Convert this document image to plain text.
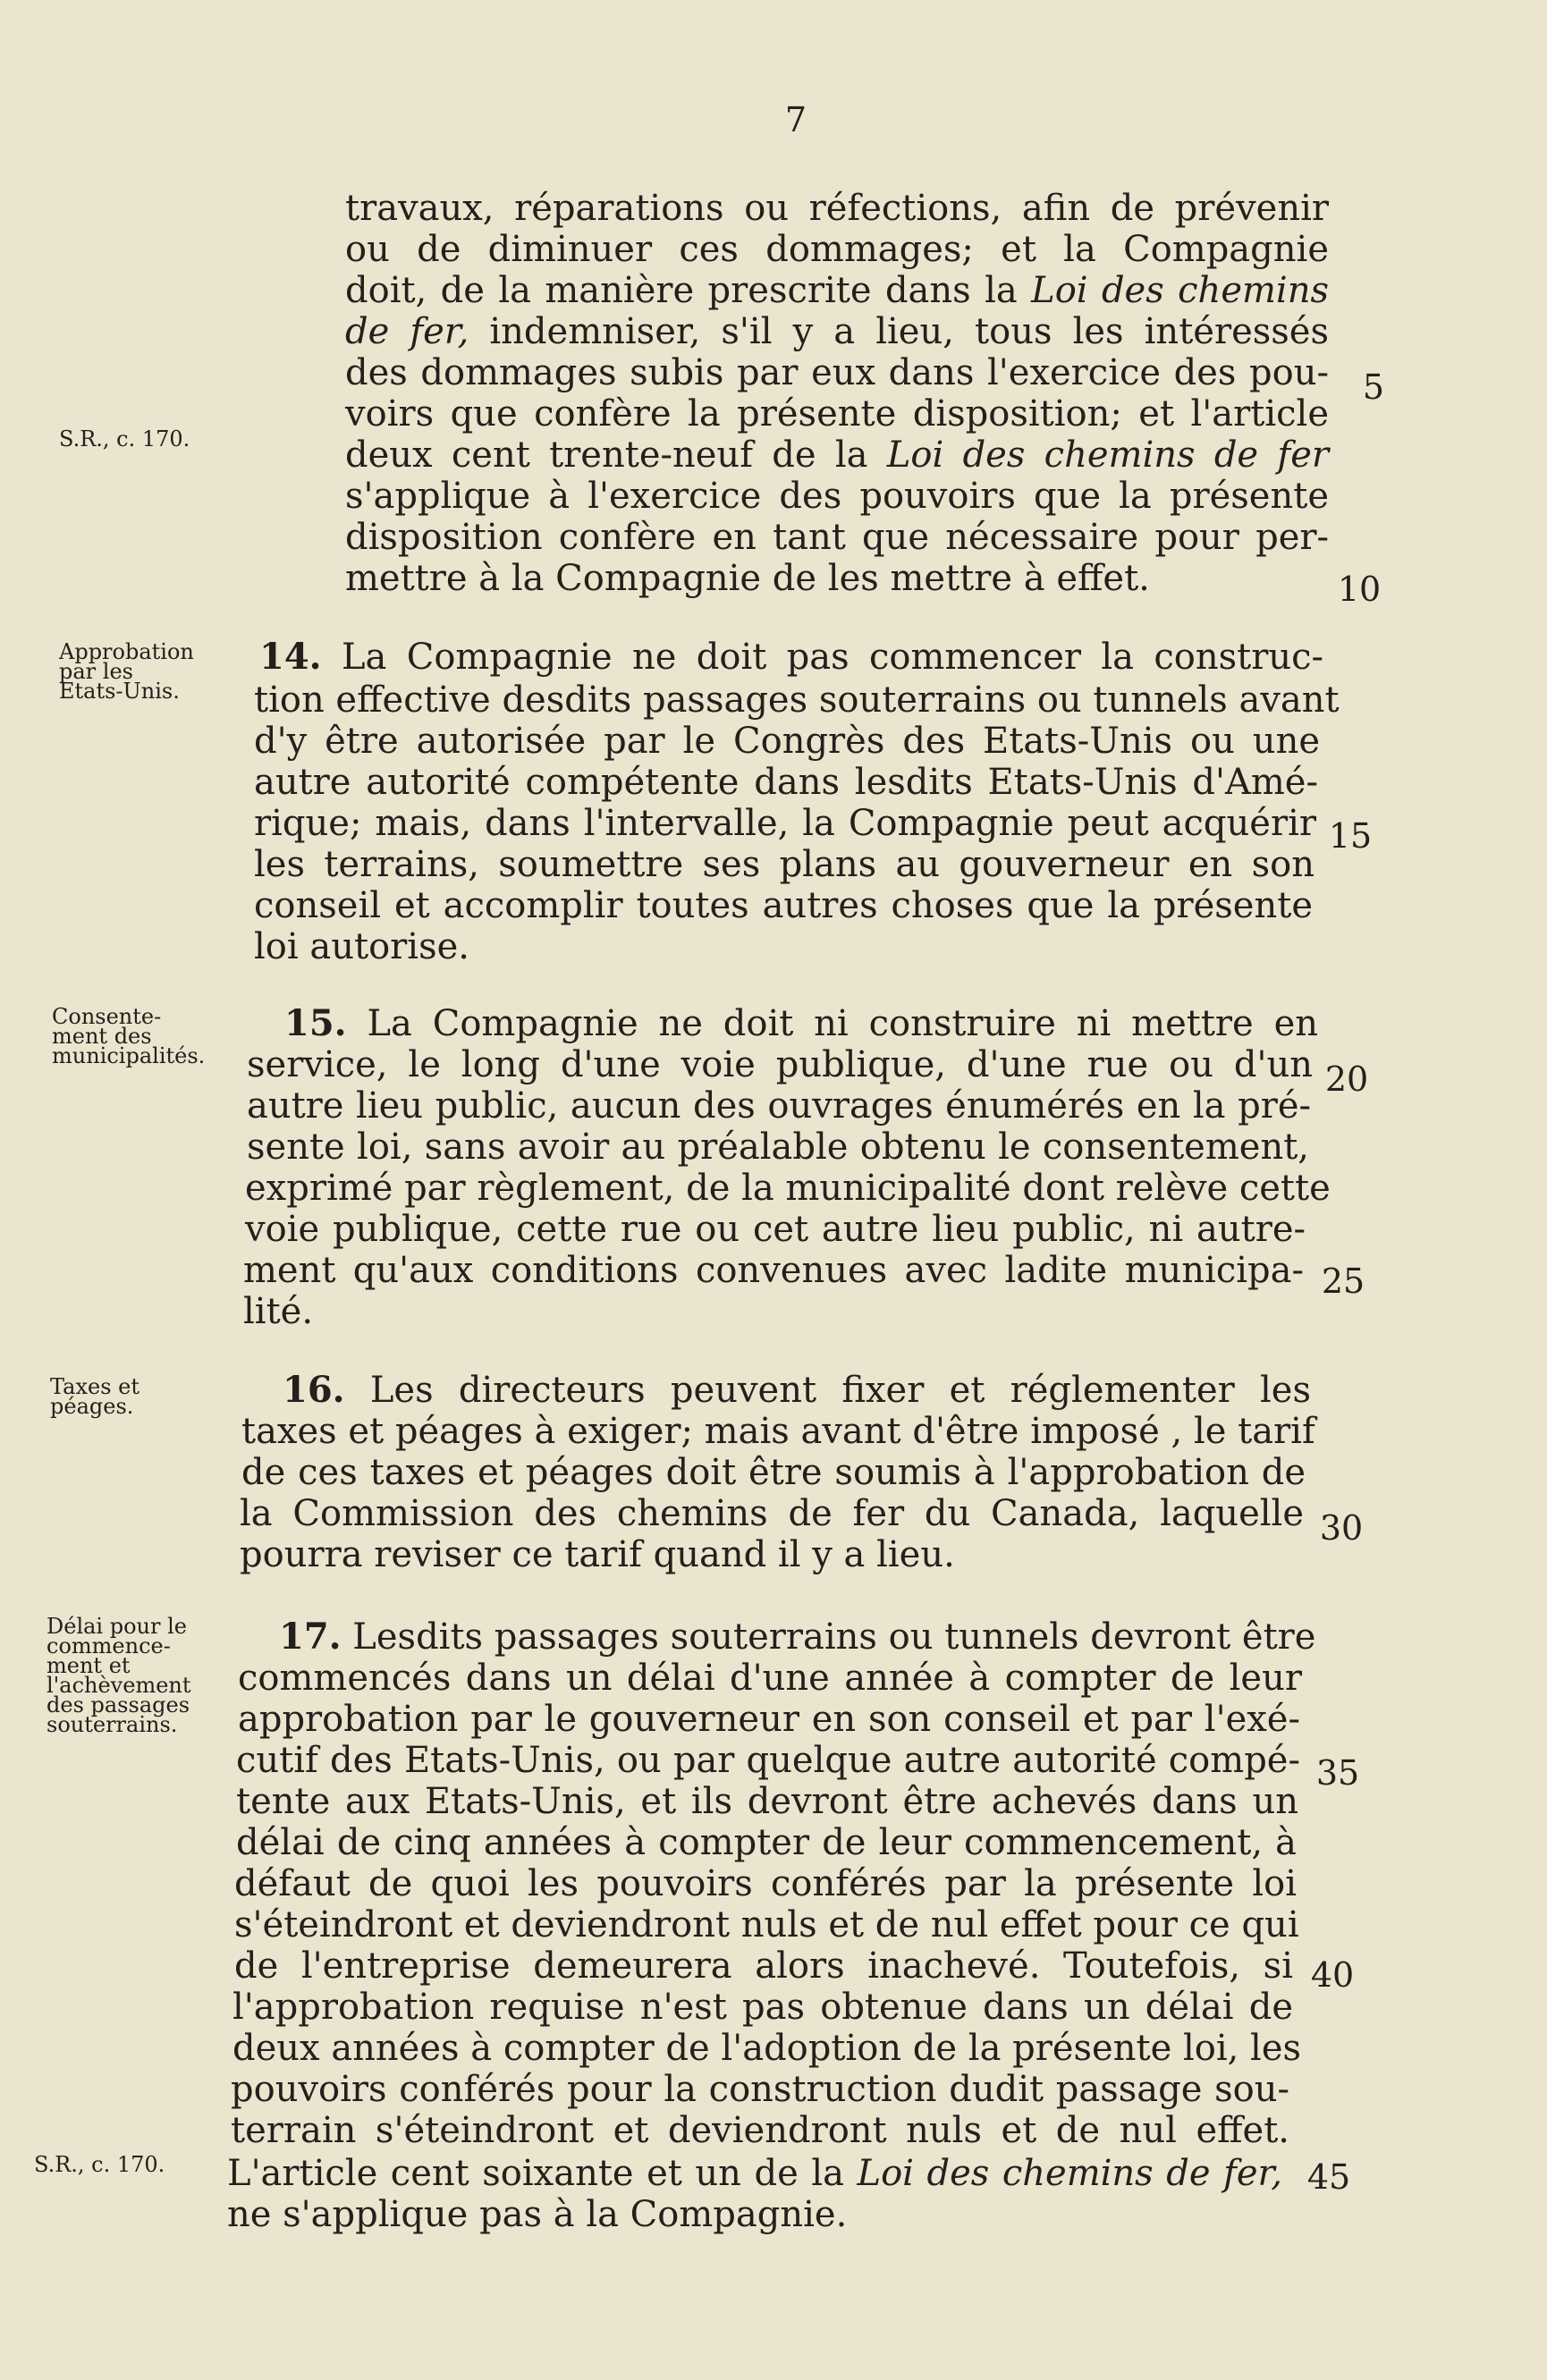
7
S.R., c. 170.
Approbation
par les
Etats-Unis.
Consente-
ment des
municipalités.
Taxes et
péages.
Délai pour le
commence-
ment et
l'achèvement
des passages
souterrains.
S.R., c. 170.
5
10
15
20
25
30
35
40
45
travaux, réparations ou réfections, afin de prévenir
ou de diminuer ces dommages; et la Compagnie
doit, de la manière prescrite dans la Loi des chemins
de fer, indemniser, s'il y a lieu, tous les intéressés
des dommages subis par eux dans l'exercice des pou-
voirs que confère la présente disposition; et l'article
deux cent trente-neuf de la Loi des chemins de fer
s'applique à l'exercice des pouvoirs que la présente
disposition confère en tant que nécessaire pour per-
mettre à la Compagnie de les mettre à effet.
14. La Compagnie ne doit pas commencer la construc-
tion effective desdits passages souterrains ou tunnels avant
d'y être autorisée par le Congrès des Etats-Unis ou une
autre autorité compétente dans lesdits Etats-Unis d'Amé-
rique; mais, dans l'intervalle, la Compagnie peut acquérir
les terrains, soumettre ses plans au gouverneur en son
conseil et accomplir toutes autres choses que la présente
loi autorise.
15. La Compagnie ne doit ni construire ni mettre en
service, le long d'une voie publique, d'une rue ou d'un
autre lieu public, aucun des ouvrages énumérés en la pré-
sente loi, sans avoir au préalable obtenu le consentement,
exprimé par règlement, de la municipalité dont relève cette
voie publique, cette rue ou cet autre lieu public, ni autre-
ment qu'aux conditions convenues avec ladite municipa-
lité.
16. Les directeurs peuvent fixer et réglementer les
taxes et péages à exiger; mais avant d'être imposé , le tarif
de ces taxes et péages doit être soumis à l'approbation de
la Commission des chemins de fer du Canada, laquelle
pourra reviser ce tarif quand il y a lieu.
17. Lesdits passages souterrains ou tunnels devront être
commencés dans un délai d'une année à compter de leur
approbation par le gouverneur en son conseil et par l'exé-
cutif des Etats-Unis, ou par quelque autre autorité compé-
tente aux Etats-Unis, et ils devront être achevés dans un
délai de cinq années à compter de leur commencement, à
défaut de quoi les pouvoirs conférés par la présente loi
s'éteindront et deviendront nuls et de nul effet pour ce qui
de l'entreprise demeurera alors inachevé. Toutefois, si
l'approbation requise n'est pas obtenue dans un délai de
deux années à compter de l'adoption de la présente loi, les
pouvoirs conférés pour la construction dudit passage sou-
terrain s'éteindront et deviendront nuls et de nul effet.
L'article cent soixante et un de la Loi des chemins de fer,
ne s'applique pas à la Compagnie.
